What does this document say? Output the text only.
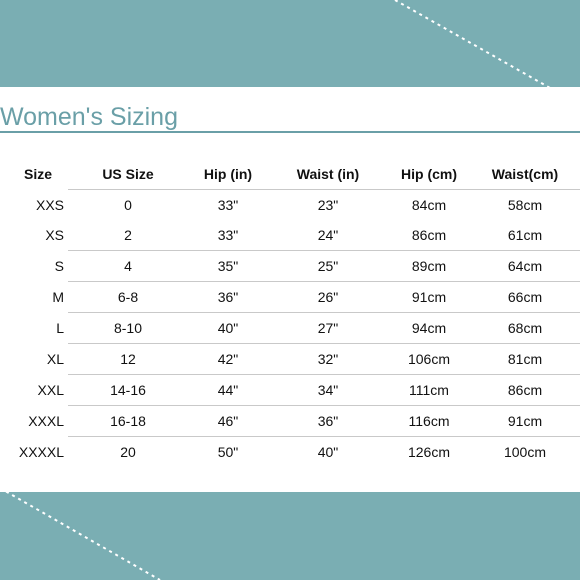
Women's Sizing
Size	US Size	Hip (in)	Waist (in)	Hip (cm)	Waist(cm)
XXS	0	33"	23"	84cm	58cm
XS	2	33"	24"	86cm	61cm
S	4	35"	25"	89cm	64cm
M	6-8	36"	26"	91cm	66cm
L	8-10	40"	27"	94cm	68cm
XL	12	42"	32"	106cm	81cm
XXL	14-16	44"	34"	111cm	86cm
XXXL	16-18	46"	36"	116cm	91cm
XXXXL	20	50"	40"	126cm	100cm
